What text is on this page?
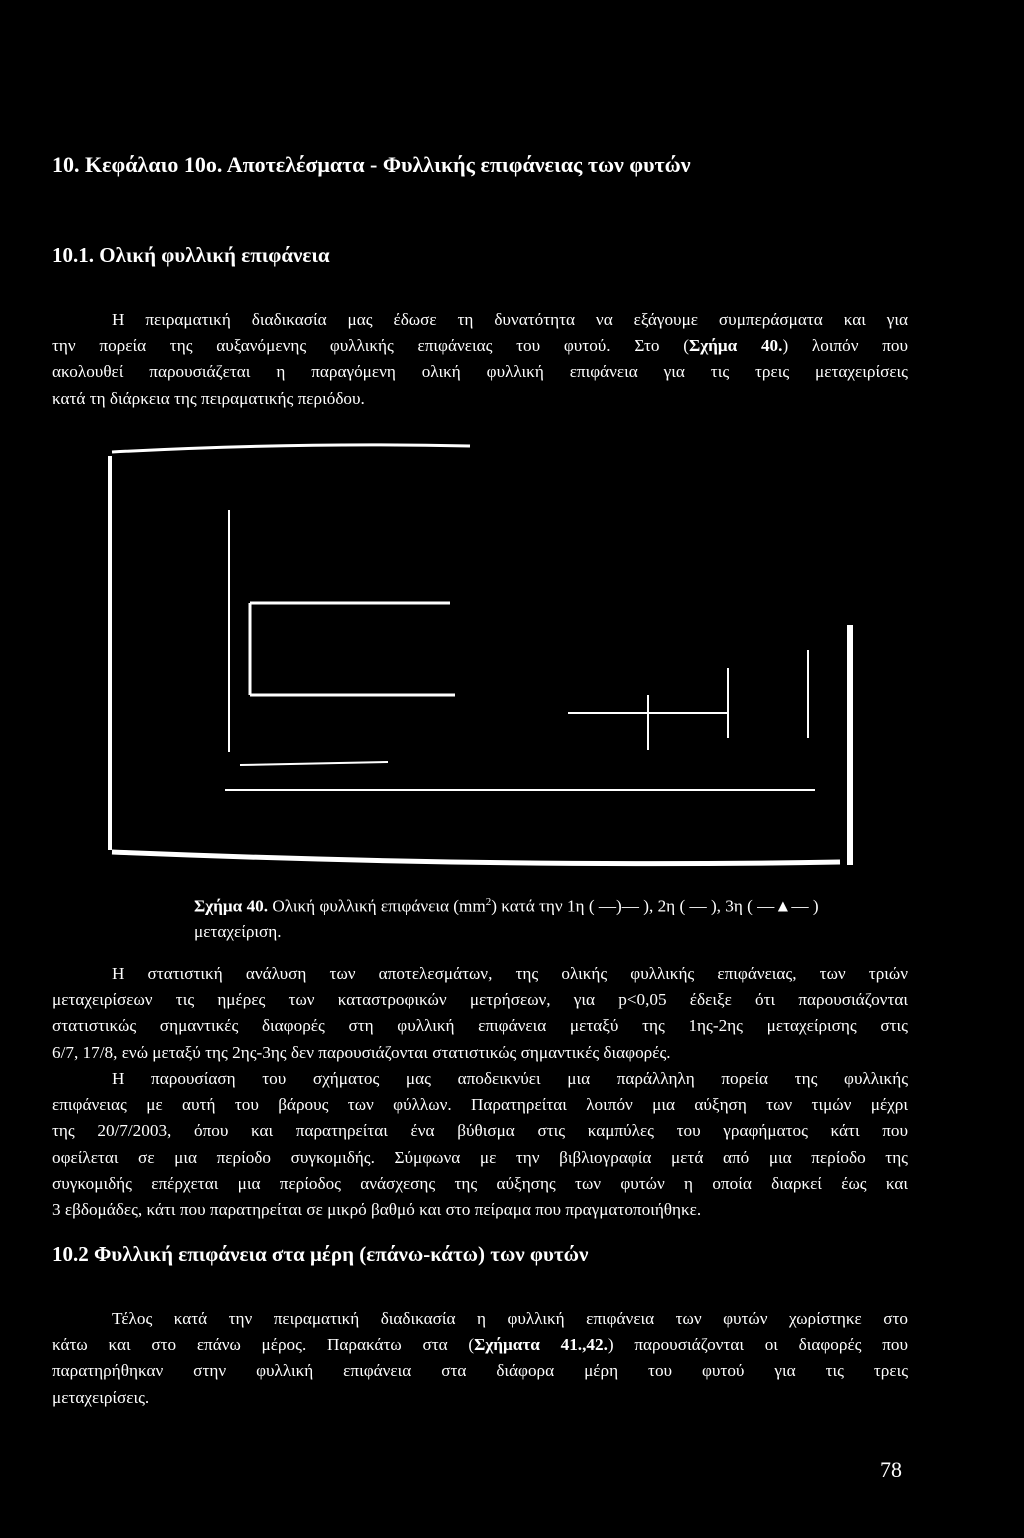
10. Κεφάλαιο 10ο. Αποτελέσματα - Φυλλικής επιφάνειας των φυτών
10.1. Ολική φυλλική επιφάνεια
Η πειραματική διαδικασία μας έδωσε τη δυνατότητα να εξάγουμε συμπεράσματα και για
την πορεία της αυξανόμενης φυλλικής επιφάνειας του φυτού. Στο (Σχήμα 40.) λοιπόν που
ακολουθεί παρουσιάζεται η παραγόμενη ολική φυλλική επιφάνεια για τις τρεις μεταχειρίσεις
κατά τη διάρκεια της πειραματικής περιόδου.
Σχήμα 40. Ολική φυλλική επιφάνεια $(mm^2)$ κατά την 1η ( —)— ), 2η ( — ), 3η ( —▲— )
μεταχείριση.
Η στατιστική ανάλυση των αποτελεσμάτων, της ολικής φυλλικής επιφάνειας, των τριών
μεταχειρίσεων τις ημέρες των καταστροφικών μετρήσεων, για p<0,05 έδειξε ότι παρουσιάζονται
στατιστικώς σημαντικές διαφορές στη φυλλική επιφάνεια μεταξύ της 1ης-2ης μεταχείρισης στις
6/7, 17/8, ενώ μεταξύ της 2ης-3ης δεν παρουσιάζονται στατιστικώς σημαντικές διαφορές.
Η παρουσίαση του σχήματος μας αποδεικνύει μια παράλληλη πορεία της φυλλικής
επιφάνειας με αυτή του βάρους των φύλλων. Παρατηρείται λοιπόν μια αύξηση των τιμών μέχρι
της 20/7/2003, όπου και παρατηρείται ένα βύθισμα στις καμπύλες του γραφήματος κάτι που
οφείλεται σε μια περίοδο συγκομιδής. Σύμφωνα με την βιβλιογραφία μετά από μια περίοδο της
συγκομιδής επέρχεται μια περίοδος ανάσχεσης της αύξησης των φυτών η οποία διαρκεί έως και
3 εβδομάδες, κάτι που παρατηρείται σε μικρό βαθμό και στο πείραμα που πραγματοποιήθηκε.
10.2 Φυλλική επιφάνεια στα μέρη (επάνω-κάτω) των φυτών
Τέλος κατά την πειραματική διαδικασία η φυλλική επιφάνεια των φυτών χωρίστηκε στο
κάτω και στο επάνω μέρος. Παρακάτω στα (Σχήματα 41.,42.) παρουσιάζονται οι διαφορές που
παρατηρήθηκαν στην φυλλική επιφάνεια στα διάφορα μέρη του φυτού για τις τρεις
μεταχειρίσεις.
78
